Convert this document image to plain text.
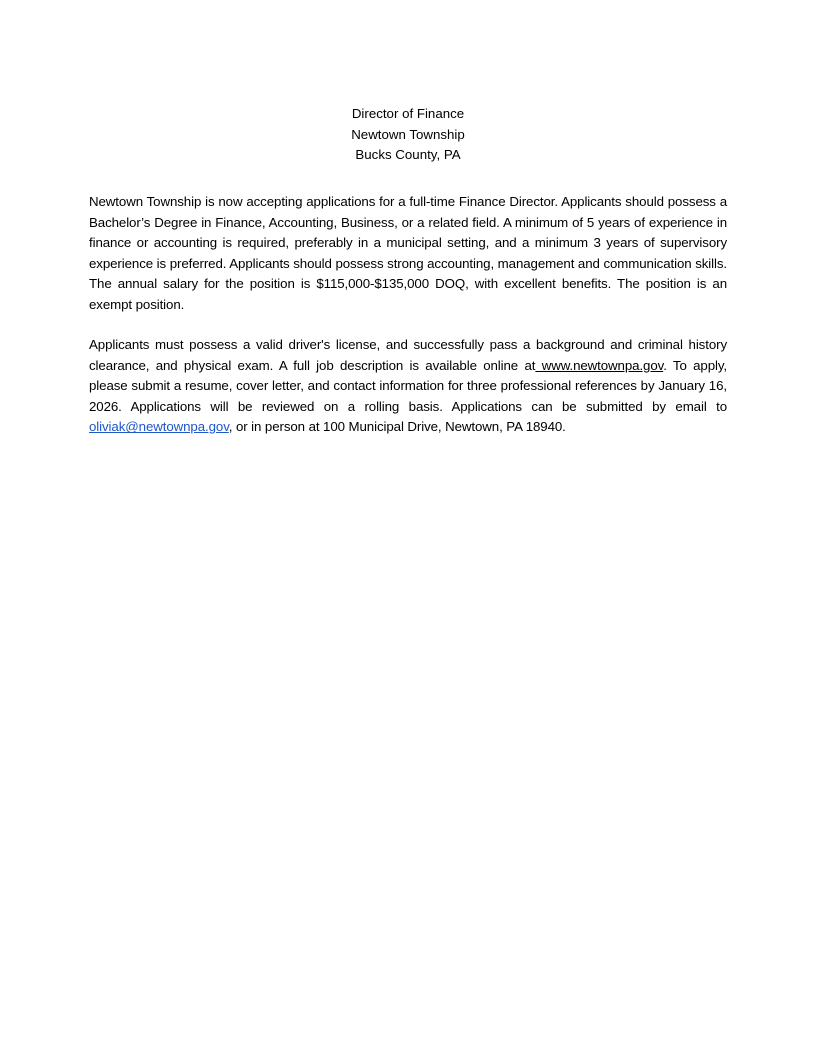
Director of Finance
Newtown Township
Bucks County, PA
Newtown Township is now accepting applications for a full-time Finance Director. Applicants should possess a Bachelor’s Degree in Finance, Accounting, Business, or a related field. A minimum of 5 years of experience in finance or accounting is required, preferably in a municipal setting, and a minimum 3 years of supervisory experience is preferred. Applicants should possess strong accounting, management and communication skills. The annual salary for the position is $115,000-$135,000 DOQ, with excellent benefits. The position is an exempt position.
Applicants must possess a valid driver's license, and successfully pass a background and criminal history clearance, and physical exam. A full job description is available online at www.newtownpa.gov. To apply, please submit a resume, cover letter, and contact information for three professional references by January 16, 2026. Applications will be reviewed on a rolling basis. Applications can be submitted by email to oliviak@newtownpa.gov, or in person at 100 Municipal Drive, Newtown, PA 18940.
